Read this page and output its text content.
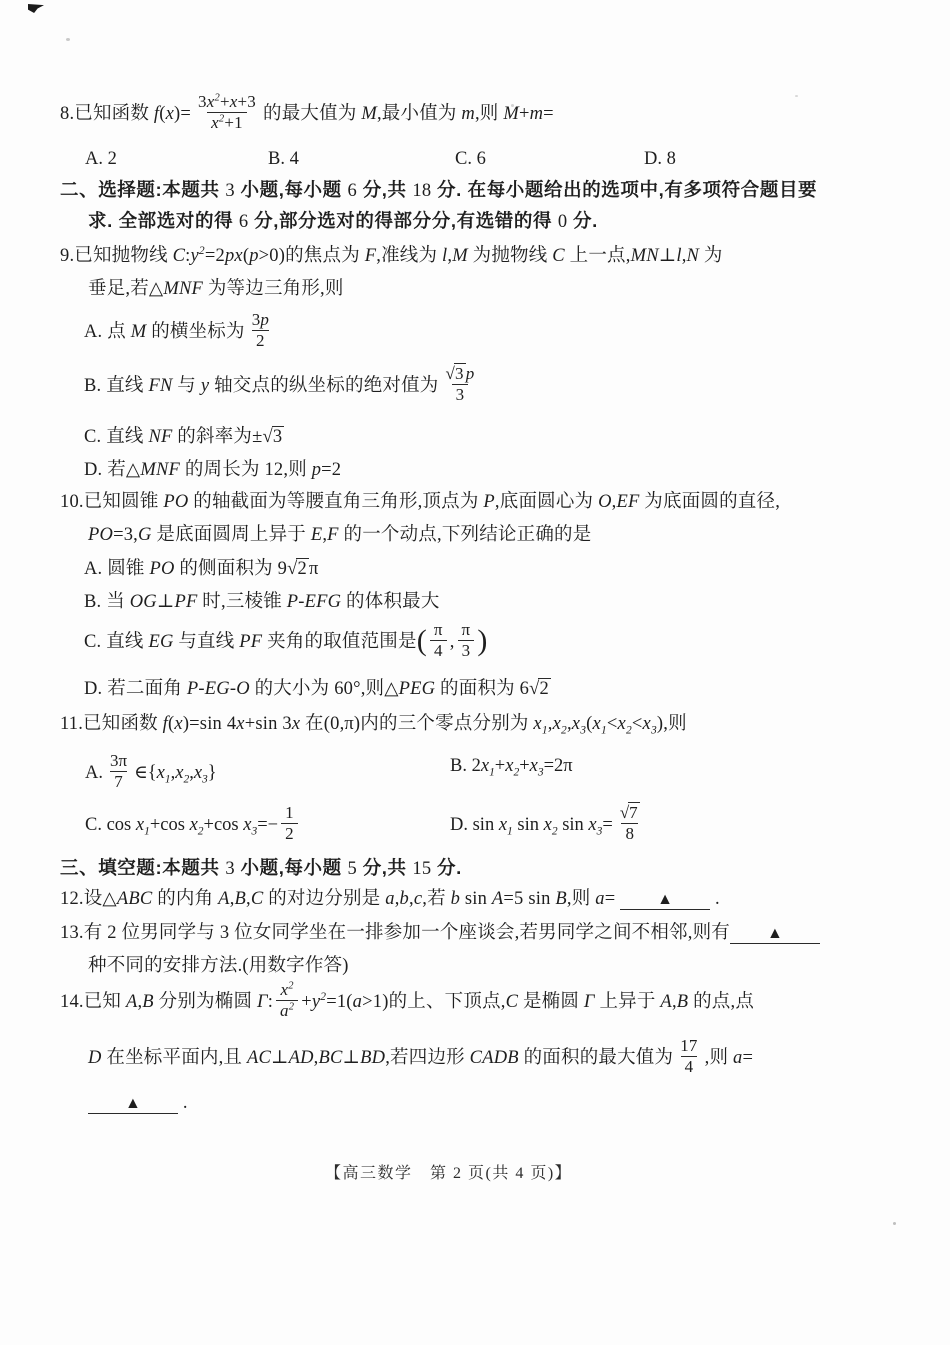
8.已知函数 $f(x)= \frac{3x^2+x+3}{x^2+1}$ 的最大值为 M,最小值为 m,则 M+m=
A. 2	B. 4	C. 6	D. 8
二、选择题:本题共 3 小题,每小题 6 分,共 18 分. 在每小题给出的选项中,有多项符合题目要
求. 全部选对的得 6 分,部分选对的得部分分,有选错的得 0 分.
9.已知抛物线 $C:y^2=2px(p>0)$的焦点为 F,准线为 l,M 为抛物线 C 上一点,MN⊥l,N 为
垂足,若△MNF 为等边三角形,则
A. 点 M 的横坐标为 $\frac{3p}{2}$
B. 直线 FN 与 y 轴交点的纵坐标的绝对值为 $\frac{√3 p}{3}$
C. 直线 NF 的斜率为±√3
D. 若△MNF 的周长为 12,则 p=2
10.已知圆锥 PO 的轴截面为等腰直角三角形,顶点为 P,底面圆心为 O,EF 为底面圆的直径,
PO=3,G 是底面圆周上异于 E,F 的一个动点,下列结论正确的是
A. 圆锥 PO 的侧面积为 9√2 π
B. 当 OG⊥PF 时,三棱锥 P-EFG 的体积最大
C. 直线 EG 与直线 PF 夹角的取值范围是( $\frac{\pi}{4}$ , $\frac{\pi}{3}$ )
D. 若二面角 P-EG-O 的大小为 60°,则△PEG 的面积为 6√2
11.已知函数 f(x)=sin 4x+sin 3x 在(0,π)内的三个零点分别为 $x_1,x_2,x_3(x_1<x_2<x_3)$,则
A. $\frac{3\pi}{7}$ $\in\{x_1,x_2,x_3\}$	B. $2x_1+x_2+x_3=2\pi$
C. $\cos x_1+\cos$ $x_2+\cos$ $x_3=- \frac{1}{2}$	D. $\sin x_1$ $\sin x_2$ $\sin x_3= \frac{√7}{8}$
三、填空题:本题共 3 小题,每小题 5 分,共 15 分.
12.设△ABC 的内角 A,B,C 的对边分别是 a,b,c,若 b sin A=5 sin B,则 a= ▲ .
13.有 2 位男同学与 3 位女同学坐在一排参加一个座谈会,若男同学之间不相邻,则有 ▲
种不同的安排方法.(用数字作答)
14.已知 A,B 分别为椭圆 Γ: $\frac{x^2}{a^2} +y^2=1(a>1)$的上、下顶点,C 是椭圆 Γ 上异于 A,B 的点,点
D 在坐标平面内,且 AC⊥AD,BC⊥BD,若四边形 CADB 的面积的最大值为 $\frac{17}{4}$ ,则 a=
▲ .
【高三数学　第 2 页(共 4 页)】
